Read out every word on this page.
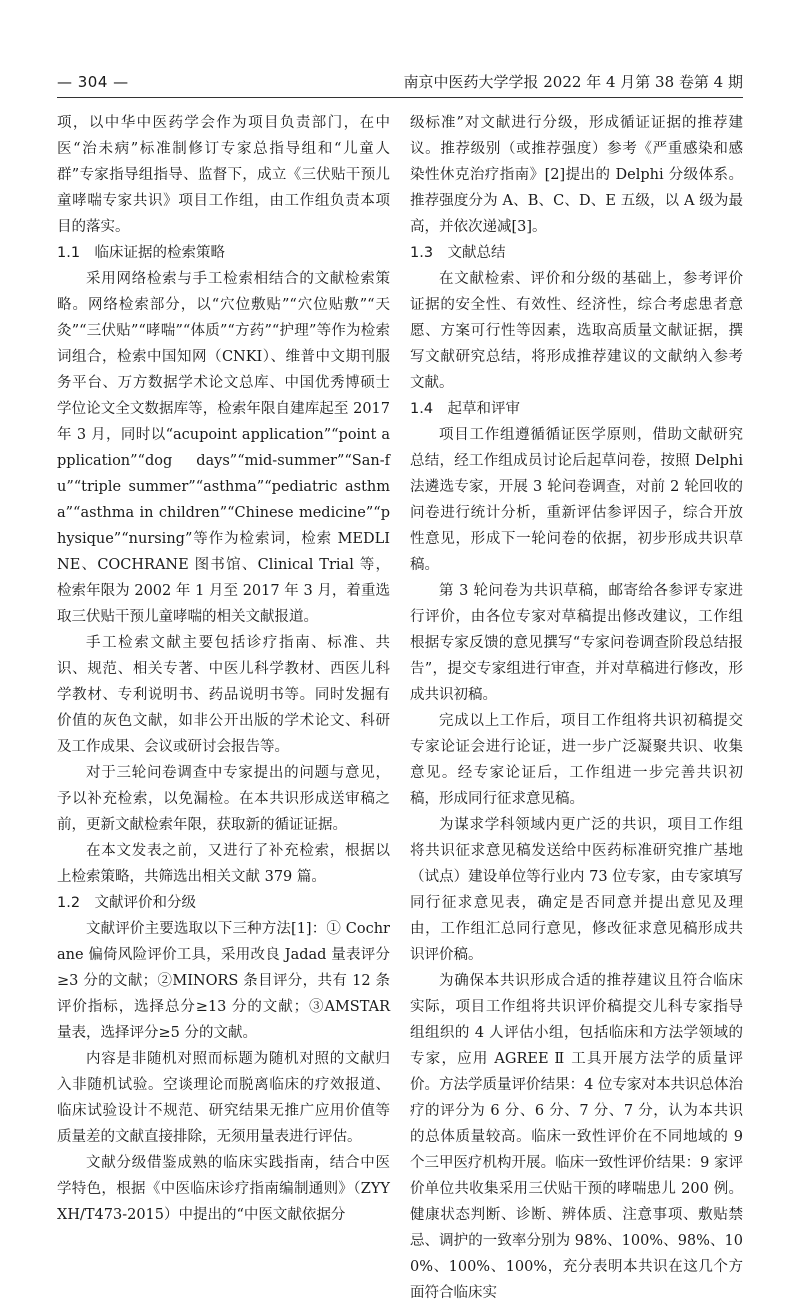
— 304 —	南京中医药大学学报 2022 年 4 月第 38 卷第 4 期

项，以中华中医药学会作为项目负责部门，在中医“治未病”标准制修订专家总指导组和“儿童人群”专家指导组指导、监督下，成立《三伏贴干预儿童哮喘专家共识》项目工作组，由工作组负责本项目的落实。

1.1　临床证据的检索策略

采用网络检索与手工检索相结合的文献检索策略。网络检索部分，以“穴位敷贴”“穴位贴敷”“天灸”“三伏贴”“哮喘”“体质”“方药”“护理”等作为检索词组合，检索中国知网（CNKI）、维普中文期刊服务平台、万方数据学术论文总库、中国优秀博硕士学位论文全文数据库等，检索年限自建库起至 2017 年 3 月，同时以“acupoint application”“point application”“dog days”“mid-summer”“San-fu”“triple summer”“asthma”“pediatric asthma”“asthma in children”“Chinese medicine”“physique”“nursing”等作为检索词，检索 MEDLINE、COCHRANE 图书馆、Clinical Trial 等，检索年限为 2002 年 1 月至 2017 年 3 月，着重选取三伏贴干预儿童哮喘的相关文献报道。

手工检索文献主要包括诊疗指南、标准、共识、规范、相关专著、中医儿科学教材、西医儿科学教材、专利说明书、药品说明书等。同时发掘有价值的灰色文献，如非公开出版的学术论文、科研及工作成果、会议或研讨会报告等。

对于三轮问卷调查中专家提出的问题与意见，予以补充检索，以免漏检。在本共识形成送审稿之前，更新文献检索年限，获取新的循证证据。

在本文发表之前，又进行了补充检索，根据以上检索策略，共筛选出相关文献 379 篇。

1.2　文献评价和分级

文献评价主要选取以下三种方法[1]：① Cochrane 偏倚风险评价工具，采用改良 Jadad 量表评分≥3 分的文献；②MINORS 条目评分，共有 12 条评价指标，选择总分≥13 分的文献；③AMSTAR 量表，选择评分≥5 分的文献。

内容是非随机对照而标题为随机对照的文献归入非随机试验。空谈理论而脱离临床的疗效报道、临床试验设计不规范、研究结果无推广应用价值等质量差的文献直接排除，无须用量表进行评估。

文献分级借鉴成熟的临床实践指南，结合中医学特色，根据《中医临床诊疗指南编制通则》（ZYYXH/T473-2015）中提出的“中医文献依据分

级标准”对文献进行分级，形成循证证据的推荐建议。推荐级别（或推荐强度）参考《严重感染和感染性休克治疗指南》[2]提出的 Delphi 分级体系。推荐强度分为 A、B、C、D、E 五级，以 A 级为最高，并依次递减[3]。

1.3　文献总结

在文献检索、评价和分级的基础上，参考评价证据的安全性、有效性、经济性，综合考虑患者意愿、方案可行性等因素，选取高质量文献证据，撰写文献研究总结，将形成推荐建议的文献纳入参考文献。

1.4　起草和评审

项目工作组遵循循证医学原则，借助文献研究总结，经工作组成员讨论后起草问卷，按照 Delphi 法遴选专家，开展 3 轮问卷调查，对前 2 轮回收的问卷进行统计分析，重新评估参评因子，综合开放性意见，形成下一轮问卷的依据，初步形成共识草稿。

第 3 轮问卷为共识草稿，邮寄给各参评专家进行评价，由各位专家对草稿提出修改建议，工作组根据专家反馈的意见撰写“专家问卷调查阶段总结报告”，提交专家组进行审查，并对草稿进行修改，形成共识初稿。

完成以上工作后，项目工作组将共识初稿提交专家论证会进行论证，进一步广泛凝聚共识、收集意见。经专家论证后，工作组进一步完善共识初稿，形成同行征求意见稿。

为谋求学科领域内更广泛的共识，项目工作组将共识征求意见稿发送给中医药标准研究推广基地（试点）建设单位等行业内 73 位专家，由专家填写同行征求意见表，确定是否同意并提出意见及理由，工作组汇总同行意见，修改征求意见稿形成共识评价稿。

为确保本共识形成合适的推荐建议且符合临床实际，项目工作组将共识评价稿提交儿科专家指导组组织的 4 人评估小组，包括临床和方法学领域的专家，应用 AGREE Ⅱ 工具开展方法学的质量评价。方法学质量评价结果：4 位专家对本共识总体治疗的评分为 6 分、6 分、7 分、7 分，认为本共识的总体质量较高。临床一致性评价在不同地域的 9 个三甲医疗机构开展。临床一致性评价结果：9 家评价单位共收集采用三伏贴干预的哮喘患儿 200 例。健康状态判断、诊断、辨体质、注意事项、敷贴禁忌、调护的一致率分别为 98%、100%、98%、100%、100%、100%，充分表明本共识在这几个方面符合临床实
